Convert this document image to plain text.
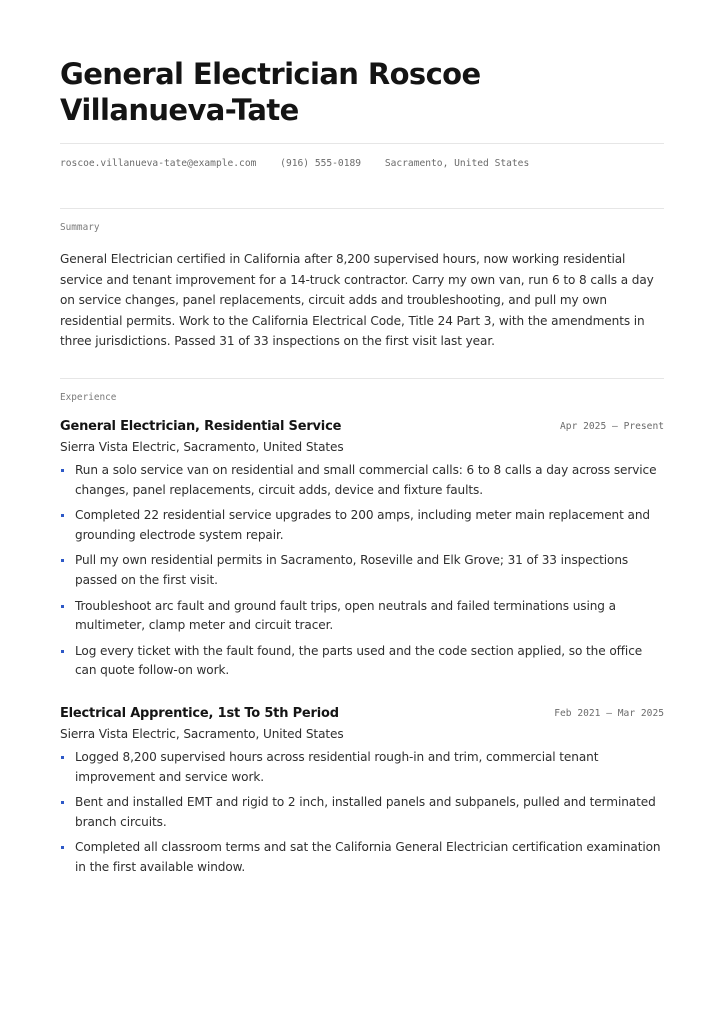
General Electrician Roscoe Villanueva-Tate
roscoe.villanueva-tate@example.com (916) 555-0189 Sacramento, United States
Summary

General Electrician certified in California after 8,200 supervised hours, now working residential service and tenant improvement for a 14-truck contractor. Carry my own van, run 6 to 8 calls a day on service changes, panel replacements, circuit adds and troubleshooting, and pull my own residential permits. Work to the California Electrical Code, Title 24 Part 3, with the amendments in three jurisdictions. Passed 31 of 33 inspections on the first visit last year.

Experience
General Electrician, Residential Service	Apr 2025 — Present
Sierra Vista Electric, Sacramento, United States
Run a solo service van on residential and small commercial calls: 6 to 8 calls a day across service changes, panel replacements, circuit adds, device and fixture faults.
Completed 22 residential service upgrades to 200 amps, including meter main replacement and grounding electrode system repair.
Pull my own residential permits in Sacramento, Roseville and Elk Grove; 31 of 33 inspections passed on the first visit.
Troubleshoot arc fault and ground fault trips, open neutrals and failed terminations using a multimeter, clamp meter and circuit tracer.
Log every ticket with the fault found, the parts used and the code section applied, so the office can quote follow-on work.
Electrical Apprentice, 1st To 5th Period	Feb 2021 — Mar 2025
Sierra Vista Electric, Sacramento, United States
Logged 8,200 supervised hours across residential rough-in and trim, commercial tenant improvement and service work.
Bent and installed EMT and rigid to 2 inch, installed panels and subpanels, pulled and terminated branch circuits.
Completed all classroom terms and sat the California General Electrician certification examination in the first available window.
